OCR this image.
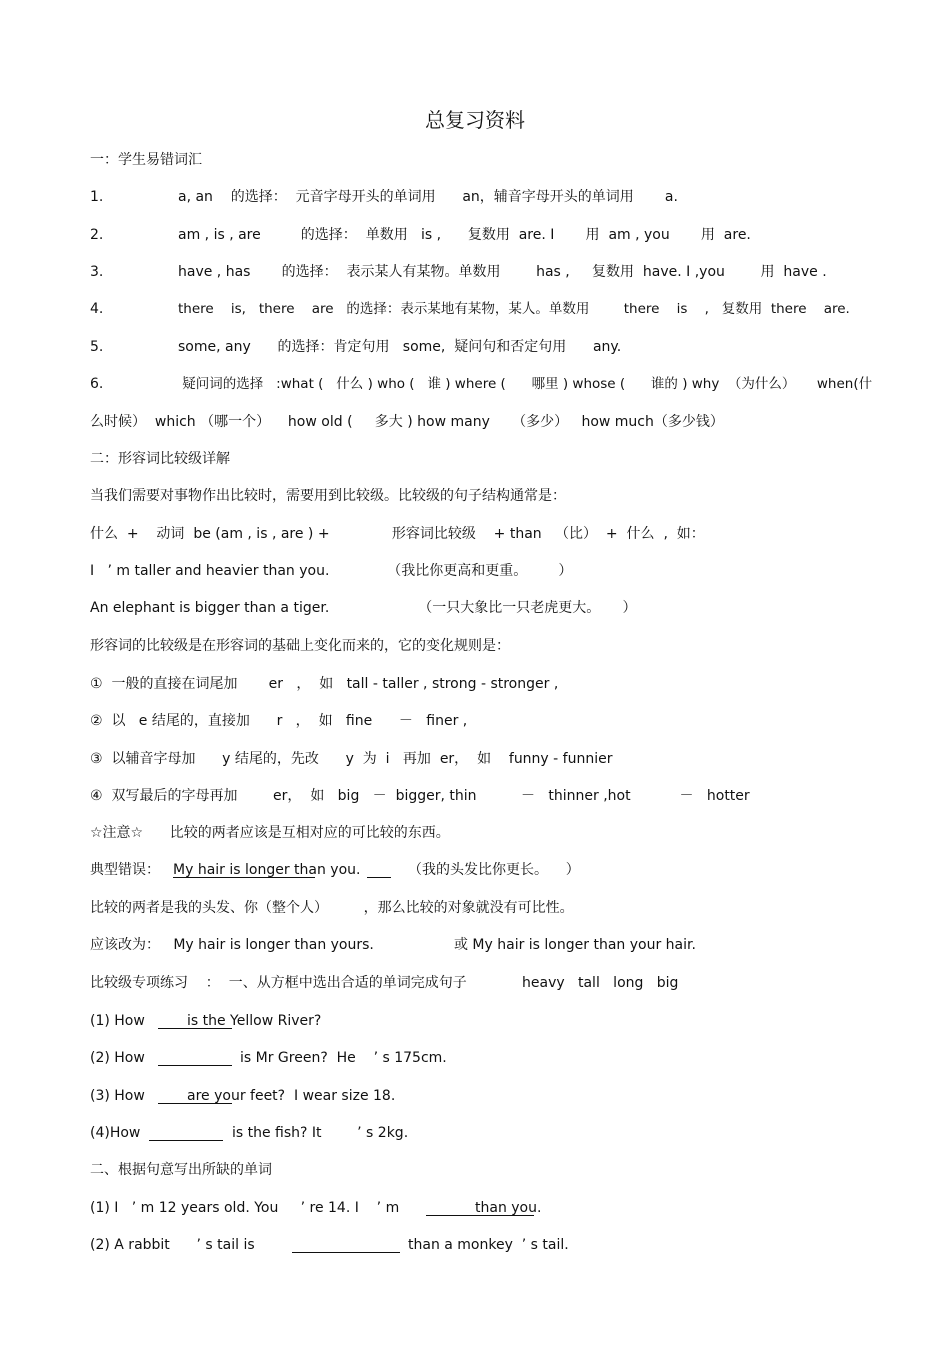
总复习资料
一：学生易错词汇

1.

	a, an    的选择：  元音字母开头的单词用      an，辅音字母开头的单词用       a.

2.

	am , is , are         的选择：  单数用   is ,      复数用  are. I       用  am , you       用  are.

3.

	have , has       的选择：  表示某人有某物。单数用        has ,     复数用  have. I ,you        用  have .

4.

	there    is,   there    are   的选择：表示某地有某物，某人。单数用        there    is    ,   复数用  there    are.

5.

	some, any      的选择：肯定句用   some,  疑问句和否定句用      any.

6.

	疑问词的选择   :what (   什么 ) who (   谁 ) where (      哪里 ) whose (      谁的 ) why  （为什么）     when(什

么时候）  which （哪一个）    how old (     多大 ) how many     （多少）   how much（多少钱）
二：形容词比较级详解
当我们需要对事物作出比较时，需要用到比较级。比较级的句子结构通常是：
什么  +    动词  be (am , is , are ) +              形容词比较级    + than   （比）  +  什么  ,  如：
I   ’ m taller and heavier than you.             （我比你更高和更重。       ）
An elephant is bigger than a tiger.                    （一只大象比一只老虎更大。     ）
形容词的比较级是在形容词的基础上变化而来的，它的变化规则是：
①  一般的直接在词尾加       er   ，  如   tall - taller , strong - stronger ,
②  以   e 结尾的，直接加      r   ，  如   fine      －   finer ,
③  以辅音字母加      y 结尾的，先改      y  为  i   再加  er，  如    funny - funnier
④  双写最后的字母再加        er，  如   big   －  bigger, thin          －   thinner ,hot           －   hotter
☆注意☆      比较的两者应该是互相对应的可比较的东西。

典型错误：

My hair is longer than you.

	（我的头发比你更长。    ）

比较的两者是我的头发、你（整个人）        ，那么比较的对象就没有可比性。
应该改为：   My hair is longer than yours.                  或 My hair is longer than your hair.

比较级专项练习    ：  一、从方框中选出合适的单词完成句子

	heavy   tall   long   big

(1) How

	is the Yellow River?

(2) How

	is Mr Green?  He    ’ s 175cm.

(3) How

	are your feet?  I wear size 18.

(4)How

	is the fish? It        ’ s 2kg.

二、根据句意写出所缺的单词

(1) I   ’ m 12 years old. You     ’ re 14. I    ’ m

	than you.

(2) A rabbit      ’ s tail is

	than a monkey  ’ s tail.
